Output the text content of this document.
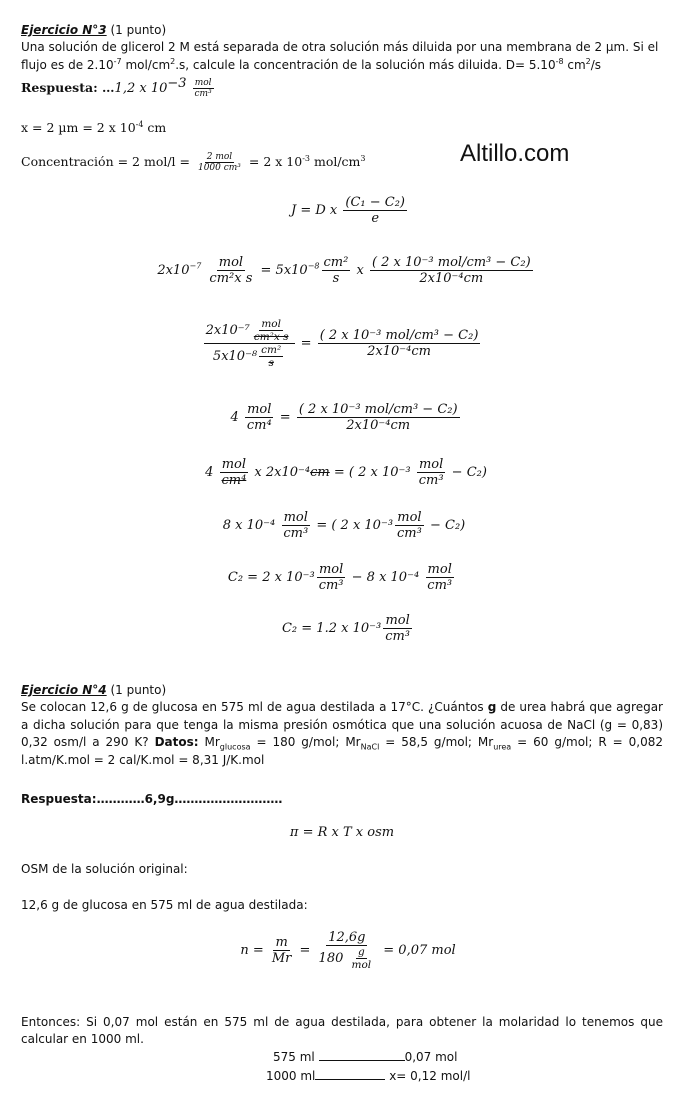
Altillo.com
Ejercicio N°3 (1 punto)
Una solución de glicerol 2 M está separada de otra solución más diluida por una membrana de 2 µm. Si el
flujo es de $2.10^{-7}$ mol/$cm^2.s$, calcule la concentración de la solución más diluida. $D= 5.10^{-8}$ $cm^2/s$
Respuesta: …1,2 x $10^{-3} \frac{\text{mol}}{\text{cm³}}$
x = 2 µm = 2 x $10^{-4}$ cm
Concentración = 2 $mol/l = \frac{\text{2 mol}}{\text{1000 cm³}} = 2$ x $10^{-3}$ mol/$cm^3$
J = D x $\frac{\text{(C₁ − C₂)}}{e}$
$2x10^{-7} \frac{\text{mol}}{\text{cm²x s}} = 5x10^{-8} \frac{\text{cm²}}{s}$ x $\frac{\text{( 2 x 10⁻³ mol/cm³ − C₂)}}{\text{2x10⁻⁴cm}}$
$\frac{2x10^{-7} \frac{\text{mol}}{\text{cm²x s}}}{5x10^{-8} \frac{\text{cm²}}{s}} = \frac{\text{( 2 x 10⁻³ mol/cm³ − C₂)}}{\text{2x10⁻⁴cm}}$
$4 \frac{\text{mol}}{\text{cm⁴}} = \frac{\text{( 2 x 10⁻³ mol/cm³ − C₂)}}{\text{2x10⁻⁴cm}}$
$4 \frac{\text{mol}}{\text{cm⁴}}$ x 2x10⁻⁴cm = ( 2 x $10^{-3} \frac{\text{mol}}{\text{cm³}} - C_2$)
8 x $10^{-4} \frac{\text{mol}}{\text{cm³}}$ = ( 2 x $10^{-3} \frac{\text{mol}}{\text{cm³}} - C_2$)
C₂ = 2 x $10^{-3} \frac{\text{mol}}{\text{cm³}} - 8$ x $10^{-4} \frac{\text{mol}}{\text{cm³}}$
C₂ = 1.2 x $10^{-3} \frac{\text{mol}}{\text{cm³}}$
Ejercicio N°4 (1 punto)
Se colocan 12,6 g de glucosa en 575 ml de agua destilada a 17°C. ¿Cuántos g de urea habrá que agregar a dicha solución para que tenga la misma presión osmótica que una solución acuosa de NaCl (g = 0,83) 0,32 osm/l a 290 K? Datos: $Mr_{glucosa} = 180$ g/mol; $Mr_{NaCl} = 58,5$ g/mol; $Mr_{urea} = 60$ g/mol; R = 0,082 l.atm/K.mol = 2 cal/K.mol = 8,31 J/K.mol
Respuesta:…………6,9g………………………
π = R x T x osm
OSM de la solución original:
12,6 g de glucosa en 575 ml de agua destilada:
$n = \frac{m}{Mr} = \frac{12,6g}{180 \frac{g}{\text{mol}}} = 0,07$ mol
Entonces: Si 0,07 mol están en 575 ml de agua destilada, para obtener la molaridad lo tenemos que calcular en 1000 ml.
575 ml	0,07 mol
1000 ml	x= 0,12 mol/l
